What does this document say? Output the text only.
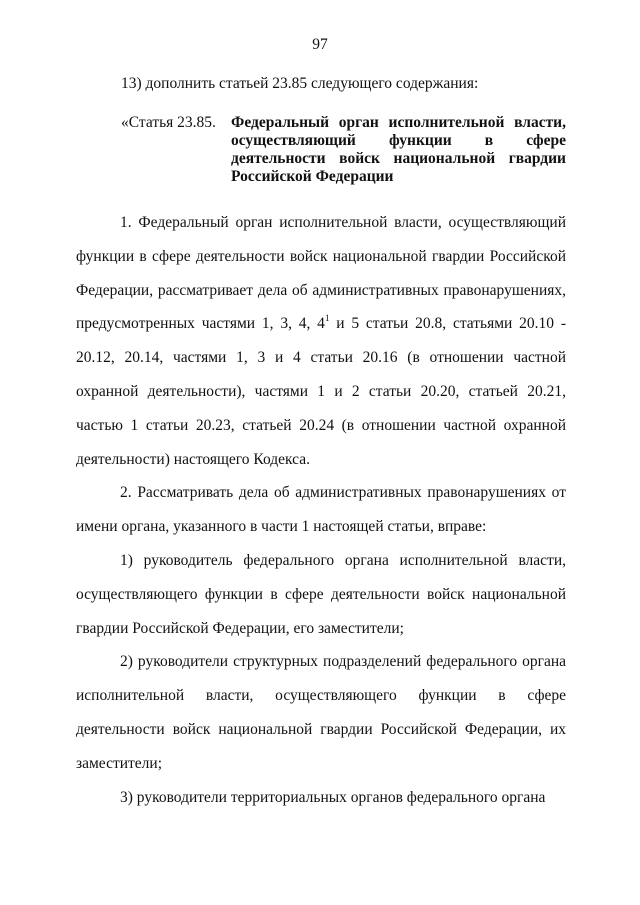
97
13) дополнить статьей 23.85 следующего содержания:
«Статья 23.85. Федеральный орган исполнительной власти,
осуществляющий функции в сфере
деятельности войск национальной гвардии
Российской Федерации

1. Федеральный орган исполнительной власти, осуществляющий функции в сфере деятельности войск национальной гвардии Российской Федерации, рассматривает дела об административных правонарушениях, предусмотренных частями 1, 3, 4, $4^1$ и 5 статьи 20.8, статьями 20.10 - 20.12, 20.14, частями 1, 3 и 4 статьи 20.16 (в отношении частной охранной деятельности), частями 1 и 2 статьи 20.20, статьей 20.21, частью 1 статьи 20.23, статьей 20.24 (в отношении частной охранной деятельности) настоящего Кодекса.

2. Рассматривать дела об административных правонарушениях от имени органа, указанного в части 1 настоящей статьи, вправе:

1) руководитель федерального органа исполнительной власти, осуществляющего функции в сфере деятельности войск национальной гвардии Российской Федерации, его заместители;

2) руководители структурных подразделений федерального органа исполнительной власти, осуществляющего функции в сфере деятельности войск национальной гвардии Российской Федерации, их заместители;

3) руководители территориальных органов федерального органа
